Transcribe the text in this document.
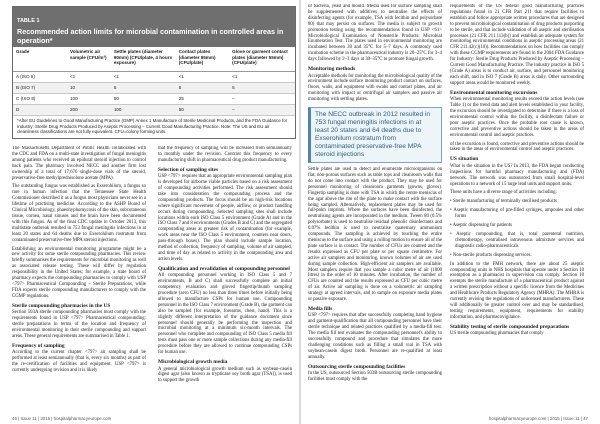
TABLE 1
Recommended action limits for microbial contamination in controlled areas in operation*
Grade	Volumetric air sample (CFU/m³)	Settle plates (diameter 90mm) (CFU/plate, 4 hours exposure)	Contact plates (diameter 55mm) (CFU/plate)	Glove or garment contact plates (diameter 55mm) (CFU/plate)
A (ISO 5)	<1	<1	<1	<1
B (ISO 7)	10	5	5	5
C (ISO 8)	100	50	25	–
D	200	100	50	–
*After EU Guidelines to Good Manufacturing Practice (GMP) Annex 1 Manufacture of Sterile Medicinal Products, and the FDA Guidance for Industry: Sterile Drug Products Produced by Aseptic Processing – Current Good Manufacturing Practice. Note: The US and EU air cleanliness classifications are not fully equivalent. CFU=colony forming units.

The Massachusetts Department of Public Health collaborated with the CDC and FDA on a multi-state investigation of fungal meningitis among patients who received an epidural steroid injection to control back pain. The pharmacy involved NECC and another firm lost ownership of a total of 17,676 single-dose vials of the steroid, preservative-free methylprednisolone acetate (MPA).

The outstanding fungus was established as Exserohilum, a fungus so rare in human infection that the Tennessee State Health Commissioner described it as a fungus most physicians never see in a lifetime of practising medicine. According to the ASHP Board of Clinical Microbiology, phaeohyphomycosis of the skin, subcutaneous tissue, cornea, nasal sinuses and the brain have been documented with this fungus. As of the final CDC update in October 2013, this multistate outbreak resulted in 753 fungal meningitis infections in at least 20 states and 64 deaths due to Exserohilum rostratum from contaminated preservative-free MPA steroid injections.

Establishing an environmental monitoring programme might be a new activity for some sterile compounding pharmacies. This review briefly summarises the requirements for microbial monitoring as well as associated release testing. These will differ by regulation responsibility in the United States; for example, a state board of pharmacy expects the compounding pharmacies to comply with USP <797> Pharmaceutical Compounding – Sterile Preparations, while FDA expects sterile compounding manufacturers to comply with the CGMP regulations.

Sterile compounding pharmacies in the US

Section 503A sterile compounding pharmacies must comply with the requirements found in USP <797> Pharmaceutical compounding: sterile preparations in terms of the location and frequency of environmental monitoring in their sterile compounding and support areas. These general requirements are summarised in Table 1.

Frequency of sampling

According to the current chapter <797> air sampling shall be performed at least semiannually (that is, every six months) as part of the re-certification of facilities and equipment. USP <797> is currently undergoing revision and it is likely

that the frequency of sampling will be increased from semiannually to monthly under the revision. Contrast this frequency to every manufacturing shift in pharmaceutical drug product manufacturing.

Selection of sampling sites

USP <797> requires that an appropriate environmental sampling plan is developed for airborne viable particles based on a risk assessment of compounding activities performed. The risk assessment should take into consideration the compounding process and the compounding products. The focus should be on high-risk locations where significant movement of people, airflow, or product handling occurs during compounding. Selected sampling sites shall include locations within each ISO Class 5 environment (Grade A) and in the ISO Class 7 and 8 environments (Grades B and C) and the segregated compounding areas at greatest risk of contamination (for example, work areas near the ISO Class 5 environment, counters near doors, pass-through boxes). The plan should include sample location, method of collection, frequency of sampling, volume of air sampled, and time of day as related to activity in the compounding area and action levels.

Qualification and revalidation of compounding personnel

All compounding personnel working in ISO Class 5 and 7 environments, B and C) shall successfully complete an initial competency evaluation and gloved fingertip/thumb sampling procedure (zero CFU) no less than three times before initially being allowed to manufacture CSPs for human use. Compounding personnel in the ISO Class 7 environment (Grade B), the garment can also be sampled (for example, forearms, chest, hand). This is a slightly different interpretation of the guidance document since personnel should generally be performing the inspection and microbial monitoring at a minimum six-month intervals. The personnel who complete and compounding of ISO Class 5 media fill tests must pass one or more sample collections during any media-fill procedure before they are allowed to continue compounding CSPs for human use.

Microbiological growth media

A general microbiological growth medium such as soybean-casein digest agar (also known as trypticase soy broth agar (TSA)), is used to support the growth

46 | Issue 11 | 2015 | hospitalpharmacyeurope.com

of bacteria, yeast and mould. Media used for surface sampling shall be supplemented with additives to neutralise the effects of disinfecting agents (for example, TSA with lecithin and polysorbate 80) that may persist on surfaces. The media is subject to growth promotion testing using the recommendations found in USP <61> Microbiological Examination of Nonsterile Products: Microbial Enumeration Test. The plates used in environmental monitoring are incubated between 30 and 35°C for 5–7 days. A commonly used incubation scheme in the pharmaceutical industry is 20–25°C for 3–4 days followed by 2–3 days at 30–35°C to promote fungal growth.

Monitoring methods

Acceptable methods for monitoring the microbiological quality of the environment include surface monitoring product contact on surfaces, floors, walls, and equipment with swabs and contact plates, and air monitoring with impact or centrifugal air samplers and passive air monitoring with settling plates.

The NECC outbreak in 2012 resulted in 753 fungal meningitis infections in at least 20 states and 64 deaths due to Exserohilum rostratum from contaminated preservative-free MPA steroid injections

Settle plates are used to detect and enumerate microorganisms on flat, non-porous surfaces such as table tops and cleanroom walls that do not come into contact with the product. They may be used for personnel monitoring of cleanroom garments (gowns, gloves). Fingertip sampling is done with TSA in which the centre meniscus of the agar above the rim of the plate to make contact with the surface being sampled. Alternatively, replacement plates may be used for full-palm imprints. Where the surfaces have been disinfected, the neutralising agents are incorporated in the medium. Tween 80 (0.5% polysorbate) is used to neutralise residual phenolic disinfectants and 0.07% lecithin is used to neutralise quaternary ammonium compounds. The sampling is achieved by touching the entire meniscus to the surface and using a rolling motion to ensure all of the plate surface is in contact. The number of CFUs are counted and the results expressed as CFU per plate or per square centimetre. For active air samplers and monitoring, known volumes of air are used during sample collection. High-efficient air samplers are available. Most samplers require that you sample a cubic metre of air (1000 litres) in the order of 10 minutes. After incubation, the number of CFUs are counted and the results expressed as CFU per cubic metre of air. Active air sampling is done on a volumetric air sampling strategy at agreed intervals, and to sample on exposure media plates or passive exposure.

Media fills

USP <797> requires that after successfully completing hand hygiene and garment-qualification that all compounding personnel have their sterile technique and related practices qualified by a media-fill test. The media fill test evaluates the compounding personnel's ability to successfully compound and procedure that simulates the more challenging conditions such as filling a small vial in TSA with soybean-casein digest broth. Personnel are re-qualified at least annually.

Outsourcing sterile compounding facilities

In the US, outsourced Section 503B outsourcing sterile compounding facilities must comply with the

requirements of the US federal good manufacturing practices regulations found in 21 CFR Part 211 that require facilities to establish and follow appropriate written procedures that are designed to prevent microbiological contamination of drug products purporting to be sterile, and that include validation of all aseptic and sterilisation processes (21 CFR 211.113(b)) and establish an adequate system for monitoring environmental conditions in aseptic processing areas (21 CFR 211.42(c)(10)). Recommendations on how facilities can comply with these CGMP requirements are found in the 2004 FDA Guidance for Industry: Sterile Drug Products Produced by Aseptic Processing – Current Good Manufacturing Practice. The industry practice in ISO 5 (Grade A) areas is to conduct air, surface, and personnel monitoring each shift, and in ISO 7 (Grade B) areas is daily. Other surrounding support areas would be monitored weekly.

Environmental monitoring excursions

When environmental monitoring results exceed the action levels (see Table 1) or the trend data and alert levels established in your facility, the excursion should be investigated to determine if there is a loss of environmental control within the facility, a disinfectant failure or poor aseptic practices. Once the probable root cause is known, corrective and preventive actions should be taken in the areas of environmental control and aseptic practices.

of the excursion is found, corrective and preventive actions should be taken in the areas of environmental control and aseptic practices.

US situation

What is the situation in the US? In 2013, the FDA began conducting inspections for harmful pharmacy manufacturing and (FDA) network. The network was outsourced from small hospital-level operations to a network of 15 large lead units and support units.

These units have a diverse range of activities including:

• Sterile manufacturing of terminally sterilised products

• Aseptic manufacturing of pre-filled syringes, ampoules and other forms

• Aseptic dispensing for patients

• Aseptic compounding, that is, total parenteral nutrition, chemotherapy, centralised intravenous admixture services and diagnostic radio-pharmaceuticals

• Non-sterile products dispensing services.

In addition to the FMH network, there are about 25 aseptic compounding units in NHS hospitals that operate under a Section 10 exemption as a pharmacist in supervision can comply. Section 10 exempts the sterile manufacture of a pharmaceutical product against a written prescription without a specific licence from the Medicines and Healthcare Products Regulatory Agency (MHRA). The MHRA is currently revising the regulations of unlicensed manufacturers. These will additionally be greater control over and may be standardised, testing requirements, equipment, requirements for stability information, and pharmacovigilance.

Stability testing of sterile compounded preparations

US sterile compounding pharmacies that comply

hospitalpharmacyeurope.com | 2015 | Issue 11 | 47
